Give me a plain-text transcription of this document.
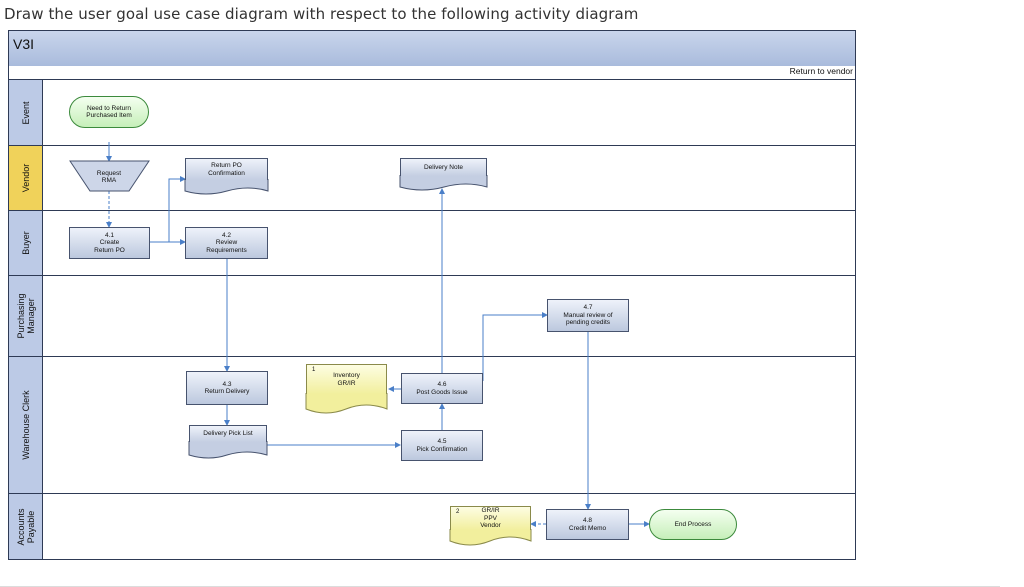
Draw the user goal use case diagram with respect to the following activity diagram
V3I
Return to vendor
Event
Vendor
Buyer
Purchasing Manager
Warehouse Clerk
Accounts Payable
Need to Return
Purchased Item
Request
RMA
Return PO
Confirmation
Delivery Note
4.1
Create
Return PO
4.2
Review
Requirements
4.7
Manual review of
pending credits
1
Inventory
GR/IR	4.6
Post Goods Issue
4.3
Return Delivery
Delivery Pick List
4.5
Pick Confirmation
2	GR/IR
PPV
Vendor
4.8
Credit Memo
End Process
